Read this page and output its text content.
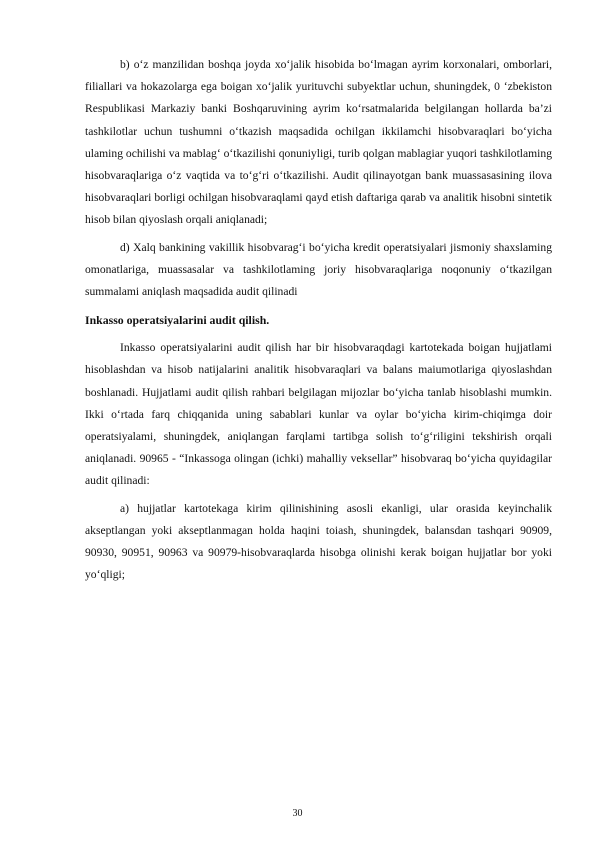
b) o‘z manzilidan boshqa joyda xo‘jalik hisobida bo‘lmagan ayrim korxonalari, omborlari, filiallari va hokazolarga ega boigan xo‘jalik yurituvchi subyektlar uchun, shuningdek, 0 ‘zbekiston Respublikasi Markaziy banki Boshqaruvining ayrim ko‘rsatmalarida belgilangan hollarda ba’zi tashkilotlar uchun tushumni o‘tkazish maqsadida ochilgan ikkilamchi hisobvaraqlari bo‘yicha ulaming ochilishi va mablag‘ o‘tkazilishi qonuniyligi, turib qolgan mablagiar yuqori tashkilotlaming hisobvaraqlariga o‘z vaqtida va to‘g‘ri o‘tkazilishi. Audit qilinayotgan bank muassasasining ilova hisobvaraqlari borligi ochilgan hisobvaraqlami qayd etish daftariga qarab va analitik hisobni sintetik hisob bilan qiyoslash orqali aniqlanadi;

d) Xalq bankining vakillik hisobvarag‘i bo‘yicha kredit operatsiyalari jismoniy shaxslaming omonatlariga, muassasalar va tashkilotlaming joriy hisobvaraqlariga noqonuniy o‘tkazilgan summalami aniqlash maqsadida audit qilinadi

Inkasso operatsiyalarini audit qilish.

Inkasso operatsiyalarini audit qilish har bir hisobvaraqdagi kartotekada boigan hujjatlami hisoblashdan va hisob natijalarini analitik hisobvaraqlari va balans maiumotlariga qiyoslashdan boshlanadi. Hujjatlami audit qilish rahbari belgilagan mijozlar bo‘yicha tanlab hisoblashi mumkin. Ikki o‘rtada farq chiqqanida uning sabablari kunlar va oylar bo‘yicha kirim-chiqimga doir operatsiyalami, shuningdek, aniqlangan farqlami tartibga solish to‘g‘riligini tekshirish orqali aniqlanadi. 90965 - “Inkassoga olingan (ichki) mahalliy veksellar” hisobvaraq bo‘yicha quyidagilar audit qilinadi:

a) hujjatlar kartotekaga kirim qilinishining asosli ekanligi, ular orasida keyinchalik akseptlangan yoki akseptlanmagan holda haqini toiash, shuningdek, balansdan tashqari 90909, 90930, 90951, 90963 va 90979-hisobvaraqlarda hisobga olinishi kerak boigan hujjatlar bor yoki yo‘qligi;

30
